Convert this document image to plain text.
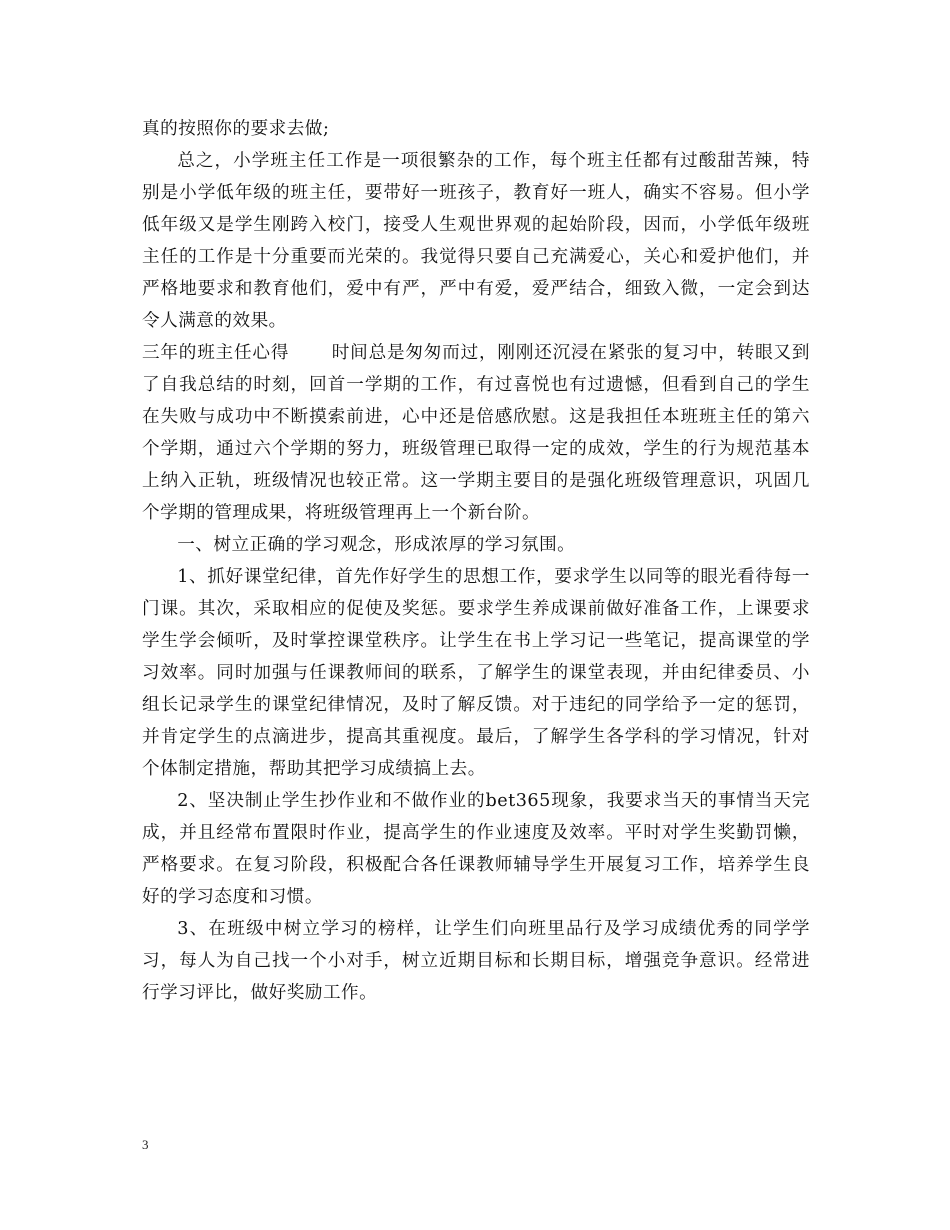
真的按照你的要求去做;

总之，小学班主任工作是一项很繁杂的工作，每个班主任都有过酸甜苦辣，特别是小学低年级的班主任，要带好一班孩子，教育好一班人，确实不容易。但小学低年级又是学生刚跨入校门，接受人生观世界观的起始阶段，因而，小学低年级班主任的工作是十分重要而光荣的。我觉得只要自己充满爱心，关心和爱护他们，并严格地要求和教育他们，爱中有严，严中有爱，爱严结合，细致入微，一定会到达令人满意的效果。

三年的班主任心得 时间总是匆匆而过，刚刚还沉浸在紧张的复习中，转眼又到了自我总结的时刻，回首一学期的工作，有过喜悦也有过遗憾，但看到自己的学生在失败与成功中不断摸索前进，心中还是倍感欣慰。这是我担任本班班主任的第六个学期，通过六个学期的努力，班级管理已取得一定的成效，学生的行为规范基本上纳入正轨，班级情况也较正常。这一学期主要目的是强化班级管理意识，巩固几个学期的管理成果，将班级管理再上一个新台阶。

一、树立正确的学习观念，形成浓厚的学习氛围。

1、抓好课堂纪律，首先作好学生的思想工作，要求学生以同等的眼光看待每一门课。其次，采取相应的促使及奖惩。要求学生养成课前做好准备工作，上课要求学生学会倾听，及时掌控课堂秩序。让学生在书上学习记一些笔记，提高课堂的学习效率。同时加强与任课教师间的联系，了解学生的课堂表现，并由纪律委员、小组长记录学生的课堂纪律情况，及时了解反馈。对于违纪的同学给予一定的惩罚，并肯定学生的点滴进步，提高其重视度。最后，了解学生各学科的学习情况，针对个体制定措施，帮助其把学习成绩搞上去。

2、坚决制止学生抄作业和不做作业的bet365现象，我要求当天的事情当天完成，并且经常布置限时作业，提高学生的作业速度及效率。平时对学生奖勤罚懒，严格要求。在复习阶段，积极配合各任课教师辅导学生开展复习工作，培养学生良好的学习态度和习惯。

3、在班级中树立学习的榜样，让学生们向班里品行及学习成绩优秀的同学学习，每人为自己找一个小对手，树立近期目标和长期目标，增强竞争意识。经常进行学习评比，做好奖励工作。

3
